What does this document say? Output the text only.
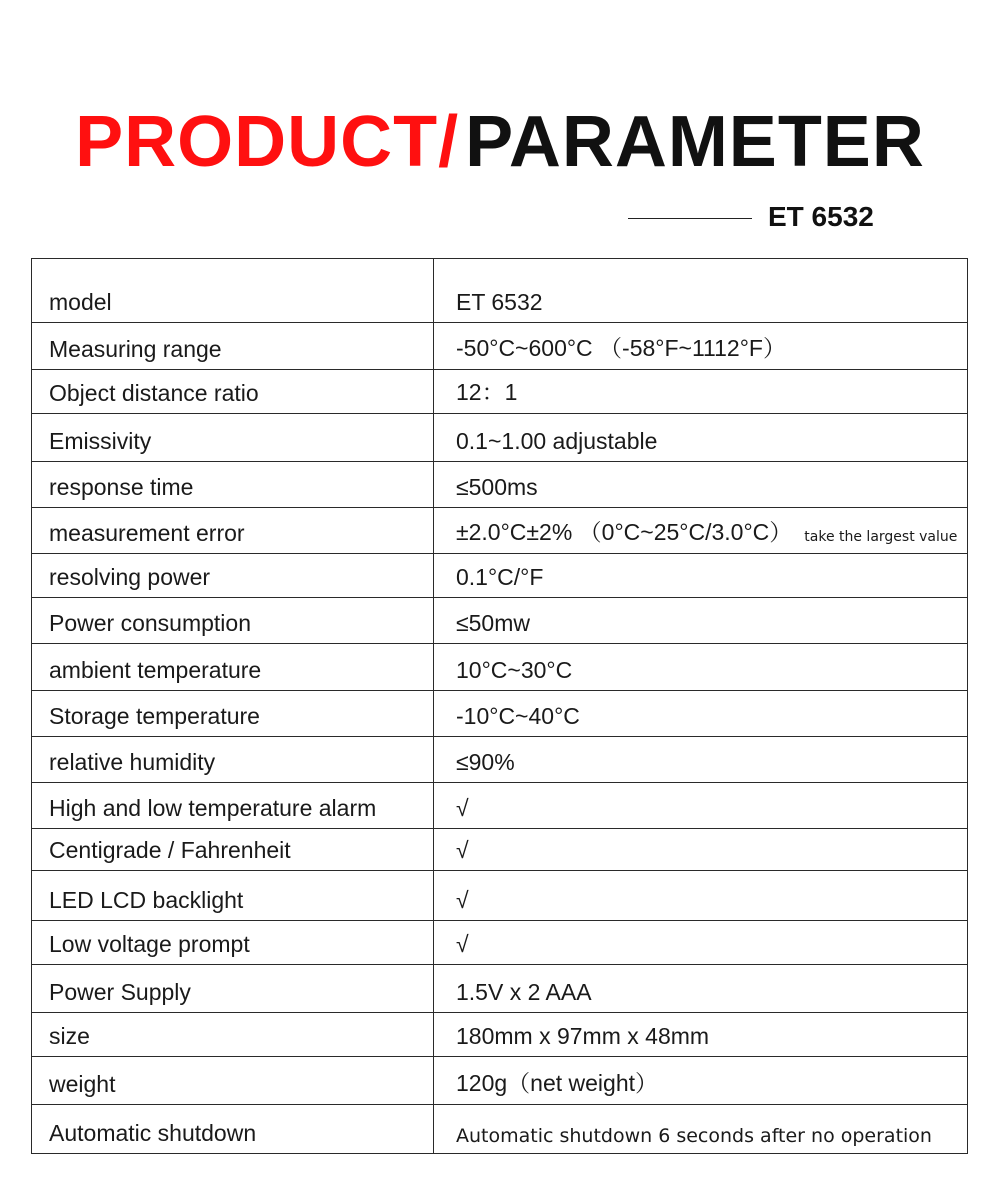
PRODUCT/PARAMETER
ET 6532
model	ET 6532
Measuring range	-50°C~600°C （-58°F~1112°F）
Object distance ratio	12：1
Emissivity	0.1~1.00 adjustable
response time	≤500ms
measurement error	±2.0°C±2% （0°C~25°C/3.0°C） take the largest value
resolving power	0.1°C/°F
Power consumption	≤50mw
ambient temperature	10°C~30°C
Storage temperature	-10°C~40°C
relative humidity	≤90%
High and low temperature alarm	√
Centigrade / Fahrenheit	√
LED LCD backlight	√
Low voltage prompt	√
Power Supply	1.5V x 2 AAA
size	180mm x 97mm x 48mm
weight	120g（net weight）
Automatic shutdown	Automatic shutdown 6 seconds after no operation
